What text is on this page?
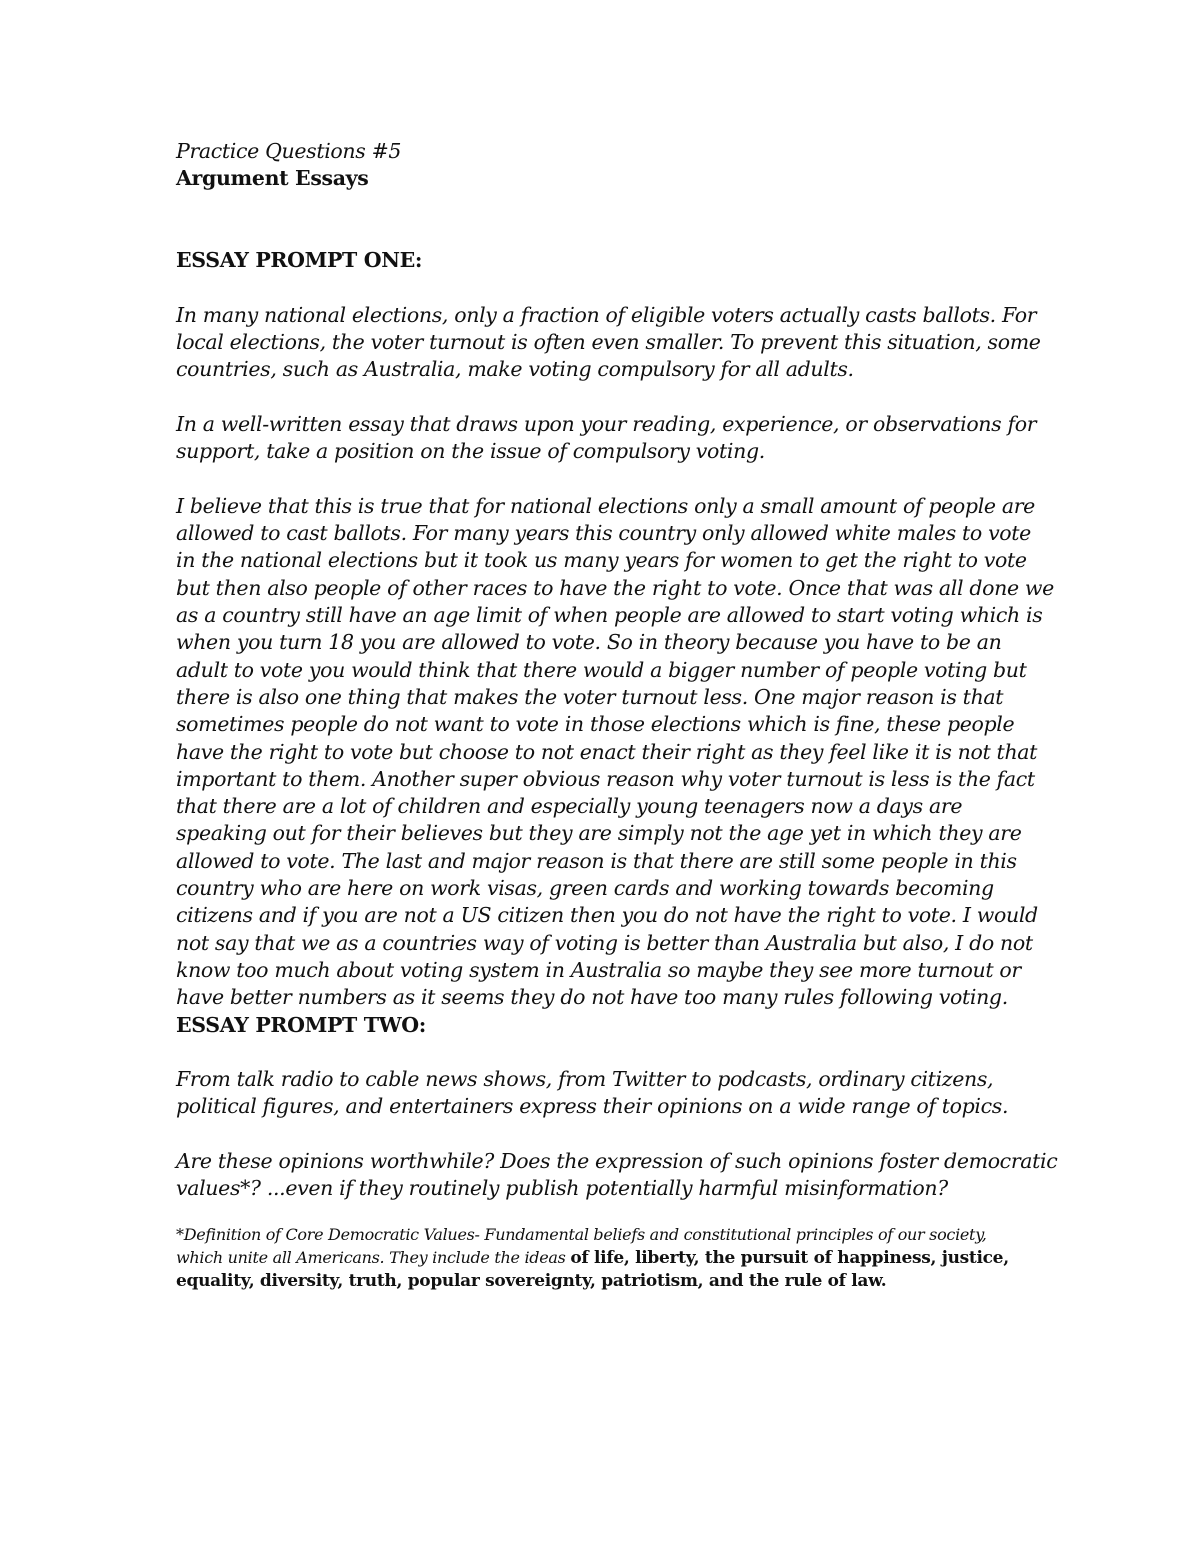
Practice Questions #5
Argument Essays
ESSAY PROMPT ONE:
In many national elections, only a fraction of eligible voters actually casts ballots. For
local elections, the voter turnout is often even smaller. To prevent this situation, some
countries, such as Australia, make voting compulsory for all adults.
In a well-written essay that draws upon your reading, experience, or observations for
support, take a position on the issue of compulsory voting.
I believe that this is true that for national elections only a small amount of people are
allowed to cast ballots. For many years this country only allowed white males to vote
in the national elections but it took us many years for women to get the right to vote
but then also people of other races to have the right to vote. Once that was all done we
as a country still have an age limit of when people are allowed to start voting which is
when you turn 18 you are allowed to vote. So in theory because you have to be an
adult to vote you would think that there would a bigger number of people voting but
there is also one thing that makes the voter turnout less. One major reason is that
sometimes people do not want to vote in those elections which is fine, these people
have the right to vote but choose to not enact their right as they feel like it is not that
important to them. Another super obvious reason why voter turnout is less is the fact
that there are a lot of children and especially young teenagers now a days are
speaking out for their believes but they are simply not the age yet in which they are
allowed to vote. The last and major reason is that there are still some people in this
country who are here on work visas, green cards and working towards becoming
citizens and if you are not a US citizen then you do not have the right to vote. I would
not say that we as a countries way of voting is better than Australia but also, I do not
know too much about voting system in Australia so maybe they see more turnout or
have better numbers as it seems they do not have too many rules following voting.
ESSAY PROMPT TWO:
From talk radio to cable news shows, from Twitter to podcasts, ordinary citizens,
political figures, and entertainers express their opinions on a wide range of topics.
Are these opinions worthwhile? Does the expression of such opinions foster democratic
values*? ...even if they routinely publish potentially harmful misinformation?
*Definition of Core Democratic Values- Fundamental beliefs and constitutional principles of our society,
which unite all Americans. They include the ideas of life, liberty, the pursuit of happiness, justice,
equality, diversity, truth, popular sovereignty, patriotism, and the rule of law.
